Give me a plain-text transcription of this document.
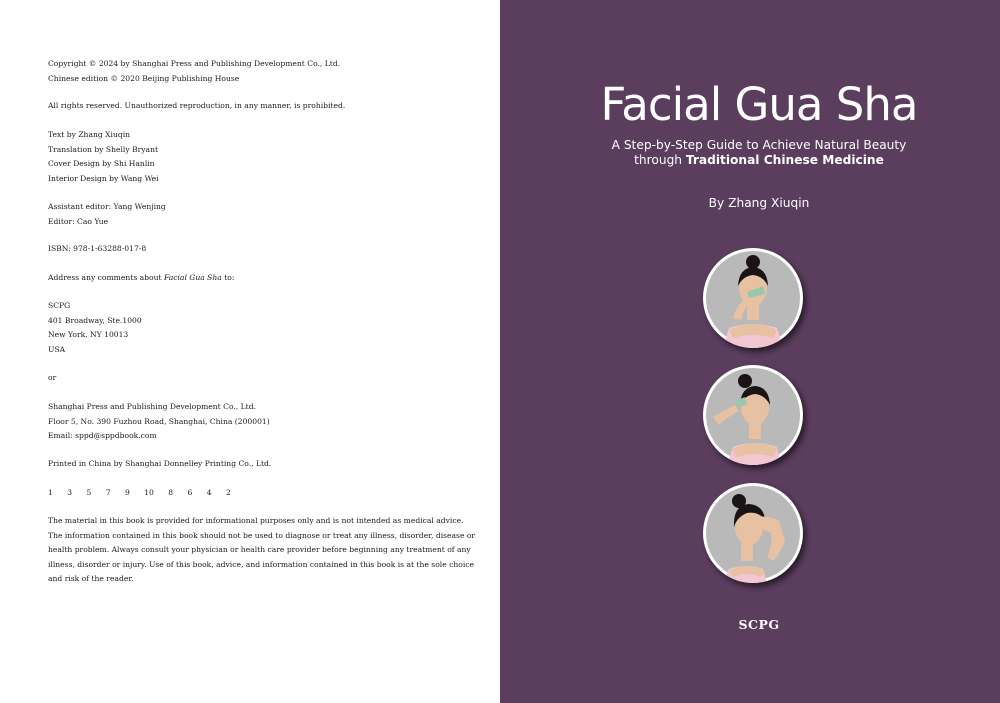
Copyright © 2024 by Shanghai Press and Publishing Development Co., Ltd.
Chinese edition © 2020 Beijing Publishing House

All rights reserved. Unauthorized reproduction, in any manner, is prohibited.

Text by Zhang Xiuqin
Translation by Shelly Bryant
Cover Design by Shi Hanlin
Interior Design by Wang Wei

Assistant editor: Yang Wenjing
Editor: Cao Yue

ISBN: 978-1-63288-017-8

Address any comments about Facial Gua Sha to:

SCPG
401 Broadway, Ste.1000
New York, NY 10013
USA

or

Shanghai Press and Publishing Development Co., Ltd.
Floor 5, No. 390 Fuzhou Road, Shanghai, China (200001)
Email: sppd@sppdbook.com

Printed in China by Shanghai Donnelley Printing Co., Ltd.

1 3 5 7 9 10 8 6 4 2

The material in this book is provided for informational purposes only and is not intended as medical advice.
The information contained in this book should not be used to diagnose or treat any illness, disorder, disease or
health problem. Always consult your physician or health care provider before beginning any treatment of any
illness, disorder or injury. Use of this book, advice, and information contained in this book is at the sole choice
and risk of the reader.

Facial Gua Sha

A Step-by-Step Guide to Achieve Natural Beauty
through Traditional Chinese Medicine

By Zhang Xiuqin
SCPG
